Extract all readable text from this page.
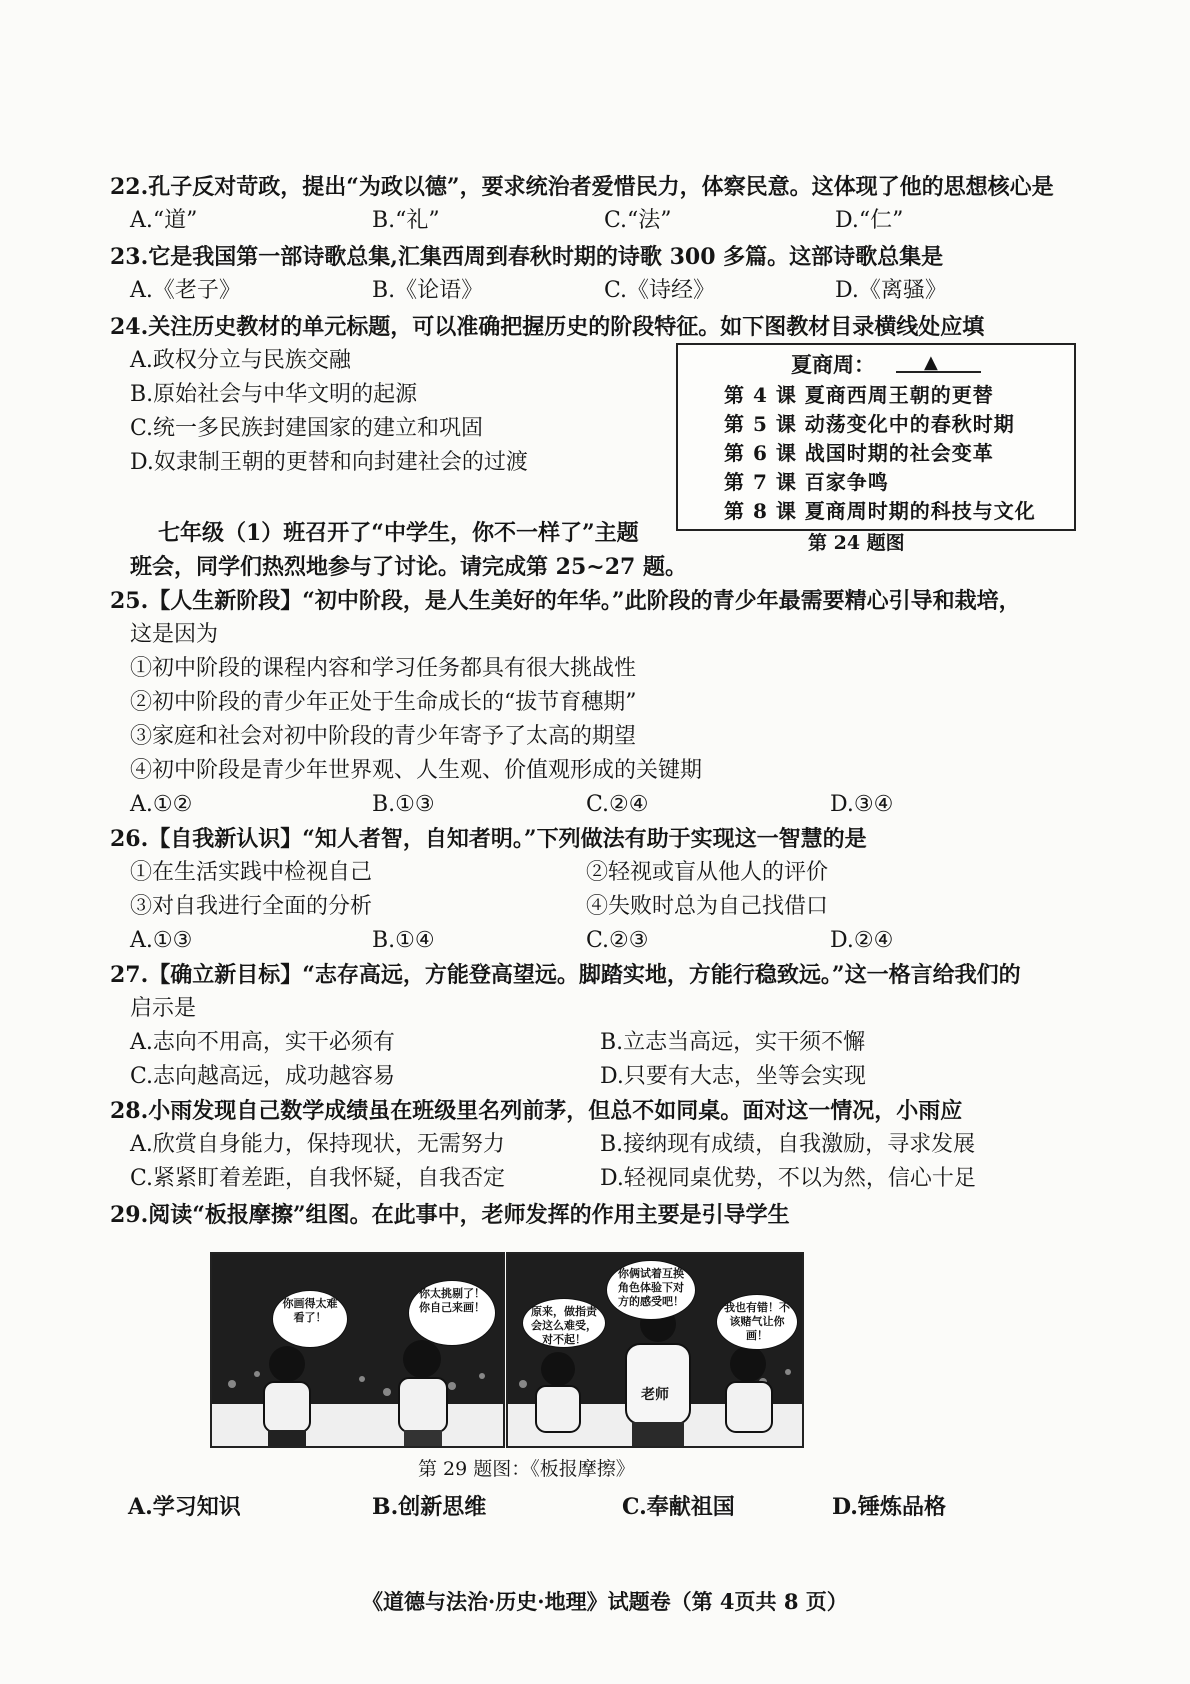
22.孔子反对苛政，提出“为政以德”，要求统治者爱惜民力，体察民意。这体现了他的思想核心是
A.“道”	B.“礼”	C.“法”	D.“仁”
23.它是我国第一部诗歌总集,汇集西周到春秋时期的诗歌 300 多篇。这部诗歌总集是
A.《老子》	B.《论语》	C.《诗经》	D.《离骚》
24.关注历史教材的单元标题，可以准确把握历史的阶段特征。如下图教材目录横线处应填
A.政权分立与民族交融
B.原始社会与中华文明的起源
C.统一多民族封建国家的建立和巩固
D.奴隶制王朝的更替和向封建社会的过渡
夏商周：	▲
第 4 课 夏商西周王朝的更替
第 5 课 动荡变化中的春秋时期
第 6 课 战国时期的社会变革
第 7 课 百家争鸣
第 8 课 夏商周时期的科技与文化
第 24 题图
七年级（1）班召开了“中学生，你不一样了”主题
班会，同学们热烈地参与了讨论。请完成第 25~27 题。
25.【人生新阶段】“初中阶段，是人生美好的年华。”此阶段的青少年最需要精心引导和栽培，
这是因为
①初中阶段的课程内容和学习任务都具有很大挑战性
②初中阶段的青少年正处于生命成长的“拔节育穗期”
③家庭和社会对初中阶段的青少年寄予了太高的期望
④初中阶段是青少年世界观、人生观、价值观形成的关键期
A.①②	B.①③	C.②④	D.③④
26.【自我新认识】“知人者智，自知者明。”下列做法有助于实现这一智慧的是
①在生活实践中检视自己	②轻视或盲从他人的评价
③对自我进行全面的分析	④失败时总为自己找借口
A.①③	B.①④	C.②③	D.②④
27.【确立新目标】“志存高远，方能登高望远。脚踏实地，方能行稳致远。”这一格言给我们的
启示是
A.志向不用高，实干必须有	B.立志当高远，实干须不懈
C.志向越高远，成功越容易	D.只要有大志，坐等会实现
28.小雨发现自己数学成绩虽在班级里名列前茅，但总不如同桌。面对这一情况，小雨应
A.欣赏自身能力，保持现状，无需努力	B.接纳现有成绩，自我激励，寻求发展
C.紧紧盯着差距，自我怀疑，自我否定	D.轻视同桌优势，不以为然，信心十足
29.阅读“板报摩擦”组图。在此事中，老师发挥的作用主要是引导学生
你画得太难看了！
你太挑剔了！你自己来画！
你俩试着互换角色体验下对方的感受吧！
原来，做指责会这么难受，对不起！
我也有错！不该赌气让你画！
老师
第 29 题图：《板报摩擦》
A.学习知识	B.创新思维	C.奉献祖国	D.锤炼品格
《道德与法治·历史·地理》试题卷（第 4页共 8 页）
